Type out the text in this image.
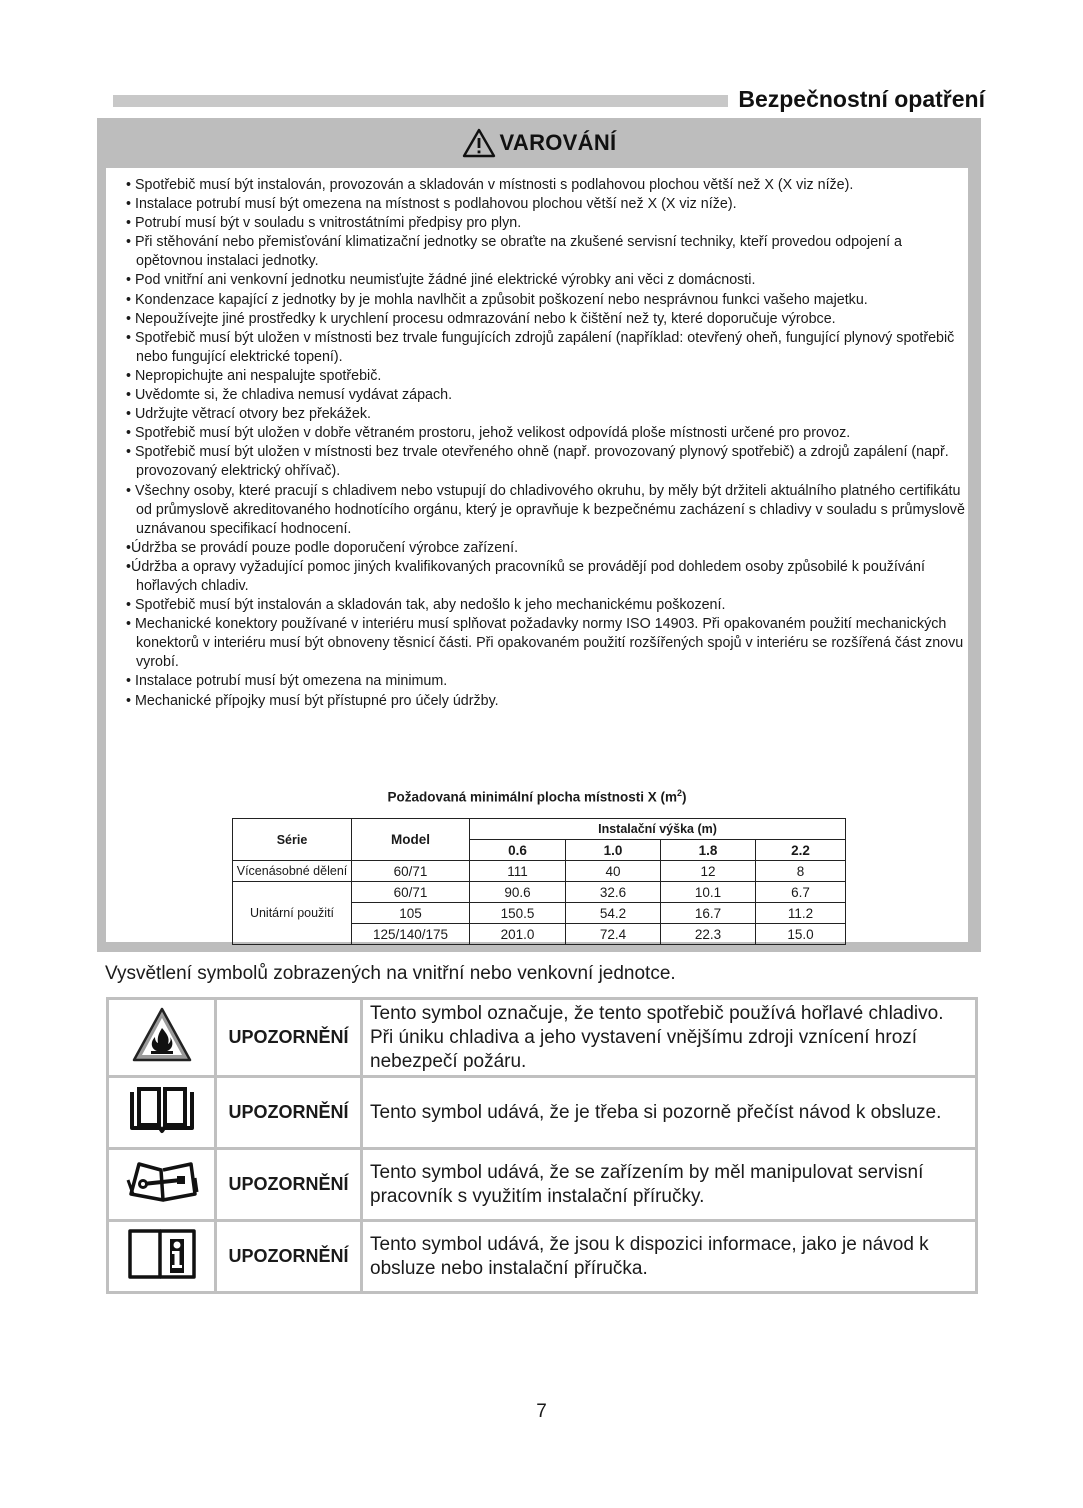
Bezpečnostní opatření
VAROVÁNÍ
• Spotřebič musí být instalován, provozován a skladován v místnosti s podlahovou plochou větší než X (X viz níže).
• Instalace potrubí musí být omezena na místnost s podlahovou plochou větší než X (X viz níže).
• Potrubí musí být v souladu s vnitrostátními předpisy pro plyn.
• Při stěhování nebo přemisťování klimatizační jednotky se obraťte na zkušené servisní techniky, kteří provedou odpojení a opětovnou instalaci jednotky.
• Pod vnitřní ani venkovní jednotku neumisťujte žádné jiné elektrické výrobky ani věci z domácnosti.
• Kondenzace kapající z jednotky by je mohla navlhčit a způsobit poškození nebo nesprávnou funkci vašeho majetku.
• Nepoužívejte jiné prostředky k urychlení procesu odmrazování nebo k čištění než ty, které doporučuje výrobce.
• Spotřebič musí být uložen v místnosti bez trvale fungujících zdrojů zapálení (například: otevřený oheň, fungující plynový spotřebič nebo fungující elektrické topení).
• Nepropichujte ani nespalujte spotřebič.
• Uvědomte si, že chladiva nemusí vydávat zápach.
• Udržujte větrací otvory bez překážek.
• Spotřebič musí být uložen v dobře větraném prostoru, jehož velikost odpovídá ploše místnosti určené pro provoz.
• Spotřebič musí být uložen v místnosti bez trvale otevřeného ohně (např. provozovaný plynový spotřebič) a zdrojů zapálení (např. provozovaný elektrický ohřívač).
• Všechny osoby, které pracují s chladivem nebo vstupují do chladivového okruhu, by měly být držiteli aktuálního platného certifikátu od průmyslově akreditovaného hodnotícího orgánu, který je opravňuje k bezpečnému zacházení s chladivy v souladu s průmyslově uznávanou specifikací hodnocení.
•Údržba se provádí pouze podle doporučení výrobce zařízení.
•Údržba a opravy vyžadující pomoc jiných kvalifikovaných pracovníků se provádějí pod dohledem osoby způsobilé k používání hořlavých chladiv.
• Spotřebič musí být instalován a skladován tak, aby nedošlo k jeho mechanickému poškození.
• Mechanické konektory používané v interiéru musí splňovat požadavky normy ISO 14903. Při opakovaném použití mechanických konektorů v interiéru musí být obnoveny těsnicí části. Při opakovaném použití rozšířených spojů v interiéru se rozšířená část znovu vyrobí.
• Instalace potrubí musí být omezena na minimum.
• Mechanické přípojky musí být přístupné pro účely údržby.
Požadovaná minimální plocha místnosti X $(m^2)$
Série	Model	Instalační výška (m)			
		0.6	1.0	1.8	2.2
Vícenásobné dělení	60/71	111	40	12	8
Unitární použití	60/71	90.6	32.6	10.1	6.7
	105	150.5	54.2	16.7	11.2
	125/140/175	201.0	72.4	22.3	15.0
Vysvětlení symbolů zobrazených na vnitřní nebo venkovní jednotce.
	UPOZORNĚNÍ	Tento symbol označuje, že tento spotřebič používá hořlavé chladivo. Při úniku chladiva a jeho vystavení vnějšímu zdroji vznícení hrozí nebezpečí požáru.
	UPOZORNĚNÍ	Tento symbol udává, že je třeba si pozorně přečíst návod k obsluze.
	UPOZORNĚNÍ	Tento symbol udává, že se zařízením by měl manipulovat servisní pracovník s využitím instalační příručky.
	UPOZORNĚNÍ	Tento symbol udává, že jsou k dispozici informace, jako je návod k obsluze nebo instalační příručka.
7
